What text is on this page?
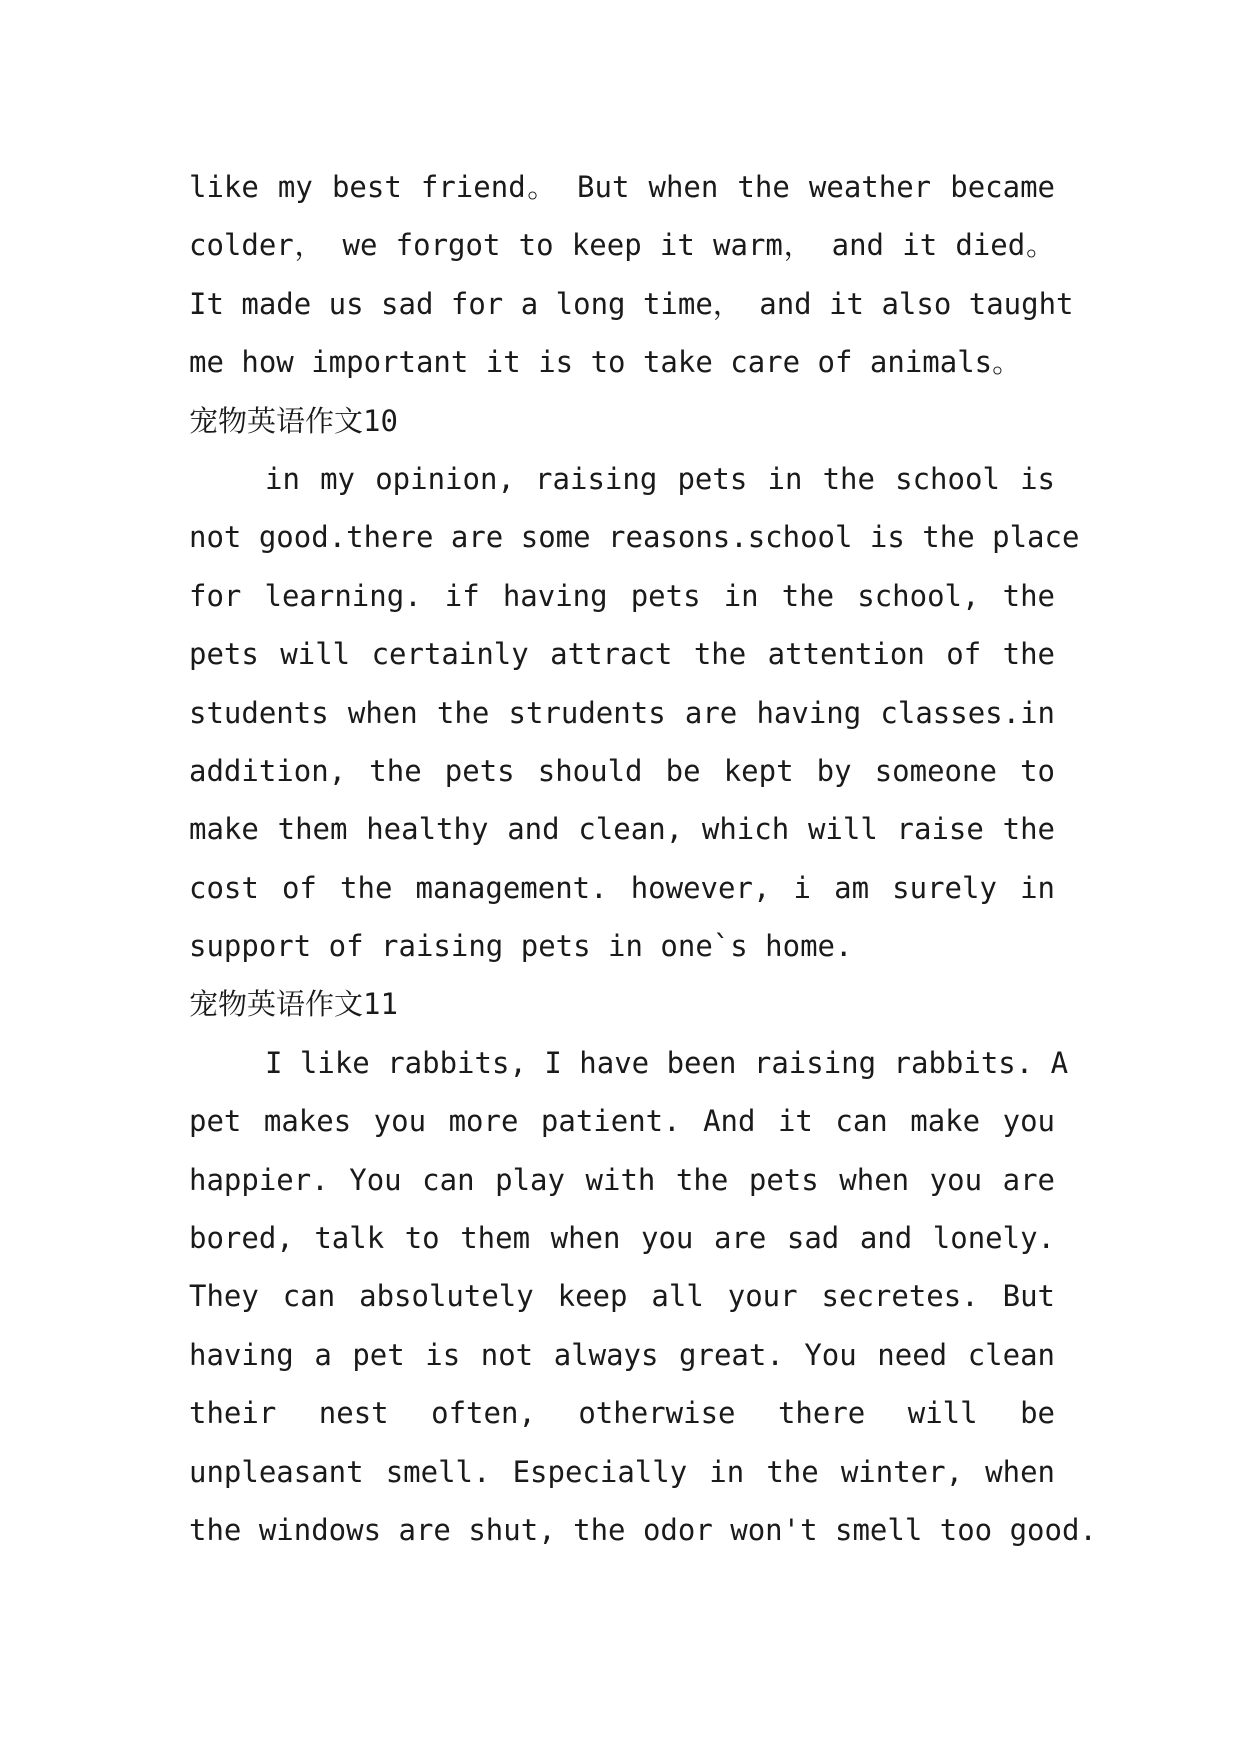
like my best friend。 But when the weather became
colder， we forgot to keep it warm， and it died。
It made us sad for a long time， and it also taught
me how important it is to take care of animals。
宠物英语作文10
in my opinion, raising pets in the school is
not good.there are some reasons.school is the place
for learning. if having pets in the school, the
pets will certainly attract the attention of the
students when the strudents are having classes.in
addition, the pets should be kept by someone to
make them healthy and clean, which will raise the
cost of the management. however, i am surely in
support of raising pets in one`s home.
宠物英语作文11
I like rabbits, I have been raising rabbits. A
pet makes you more patient. And it can make you
happier. You can play with the pets when you are
bored, talk to them when you are sad and lonely.
They can absolutely keep all your secretes. But
having a pet is not always great. You need clean
their nest often, otherwise there will be
unpleasant smell. Especially in the winter, when
the windows are shut, the odor won't smell too good.
